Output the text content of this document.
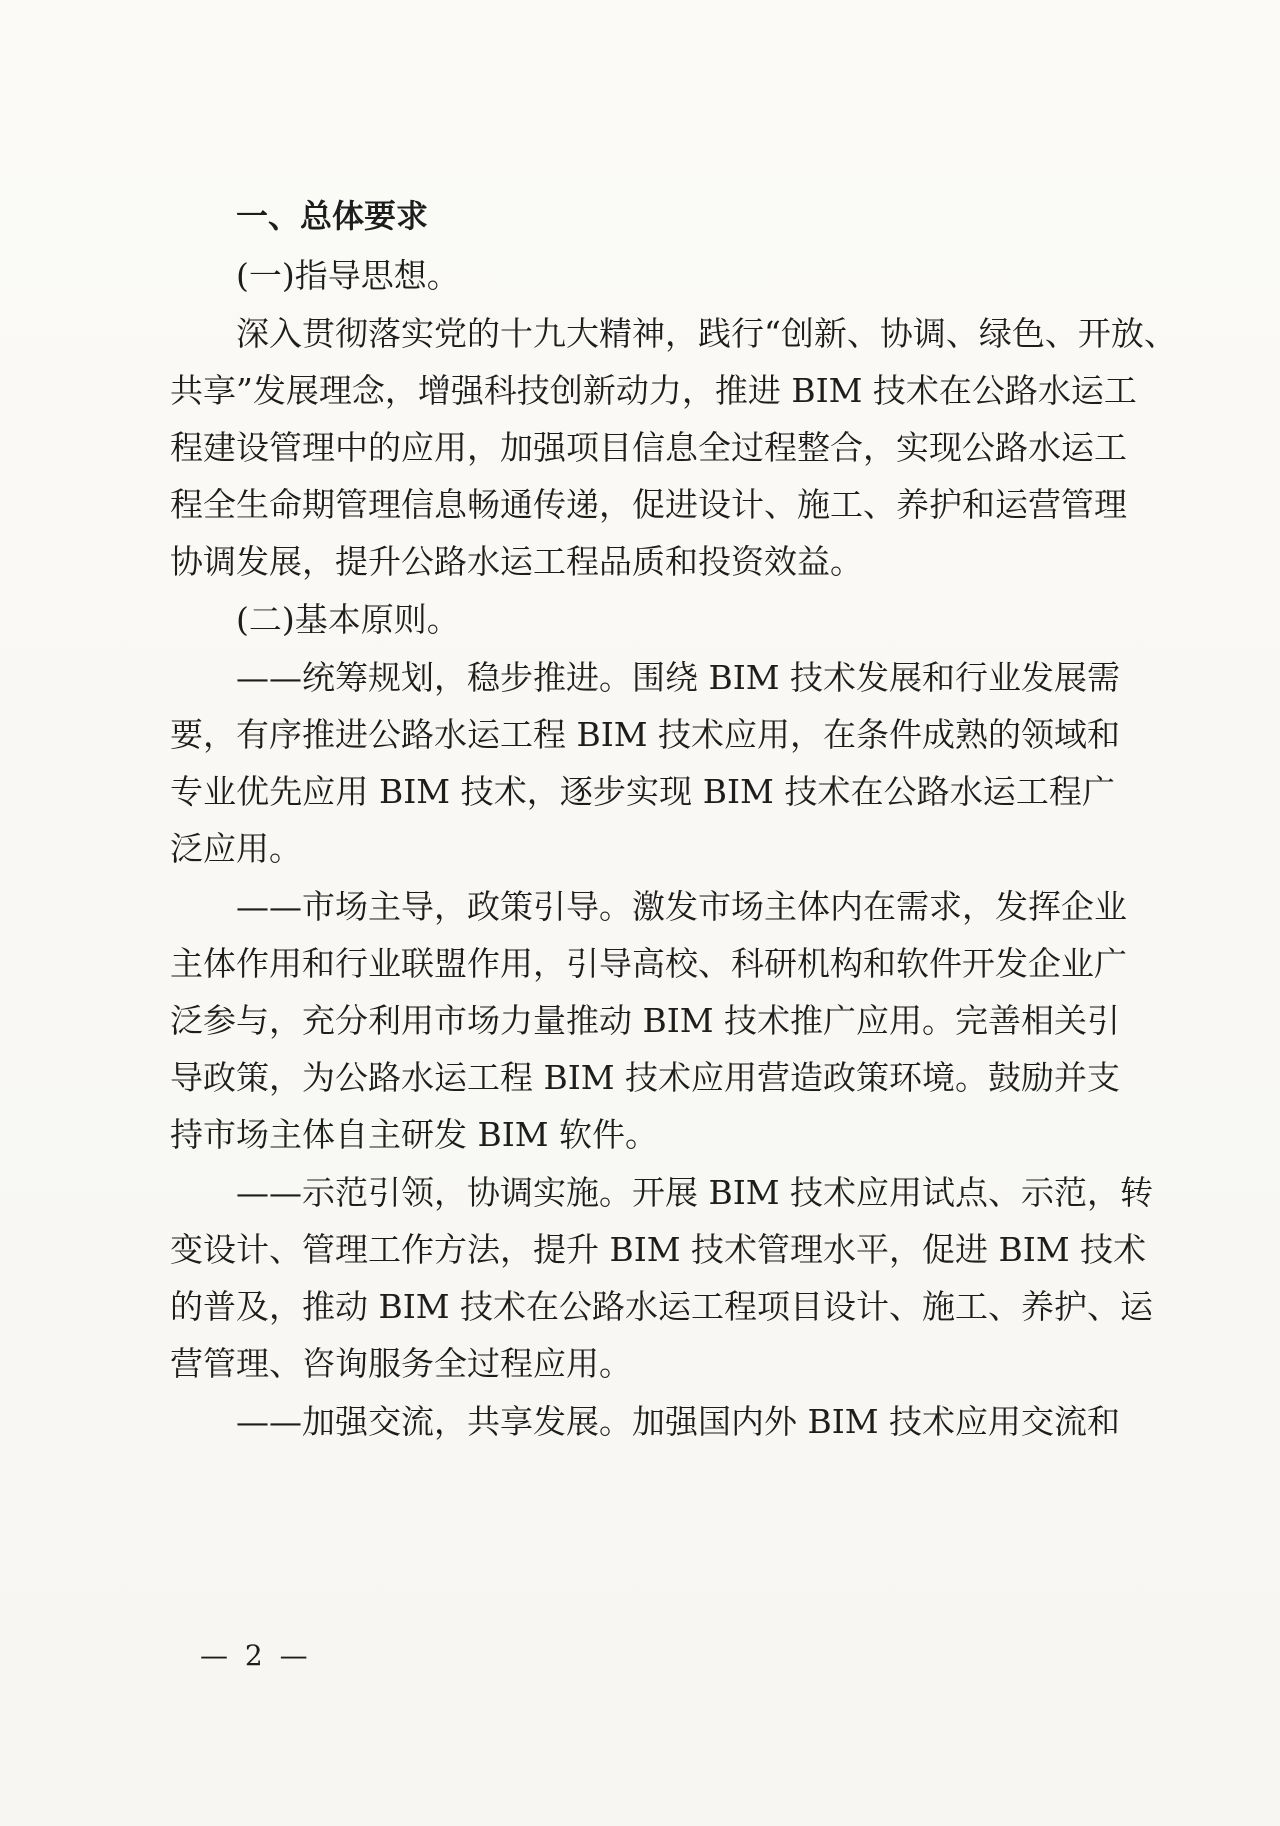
一、总体要求

(一)指导思想。

深入贯彻落实党的十九大精神，践行“创新、协调、绿色、开放、

共享”发展理念，增强科技创新动力，推进 BIM 技术在公路水运工

程建设管理中的应用，加强项目信息全过程整合，实现公路水运工

程全生命期管理信息畅通传递，促进设计、施工、养护和运营管理

协调发展，提升公路水运工程品质和投资效益。

(二)基本原则。

——统筹规划，稳步推进。围绕 BIM 技术发展和行业发展需

要，有序推进公路水运工程 BIM 技术应用，在条件成熟的领域和

专业优先应用 BIM 技术，逐步实现 BIM 技术在公路水运工程广

泛应用。

——市场主导，政策引导。激发市场主体内在需求，发挥企业

主体作用和行业联盟作用，引导高校、科研机构和软件开发企业广

泛参与，充分利用市场力量推动 BIM 技术推广应用。完善相关引

导政策，为公路水运工程 BIM 技术应用营造政策环境。鼓励并支

持市场主体自主研发 BIM 软件。

——示范引领，协调实施。开展 BIM 技术应用试点、示范，转

变设计、管理工作方法，提升 BIM 技术管理水平，促进 BIM 技术

的普及，推动 BIM 技术在公路水运工程项目设计、施工、养护、运

营管理、咨询服务全过程应用。

——加强交流，共享发展。加强国内外 BIM 技术应用交流和

— 2 —
